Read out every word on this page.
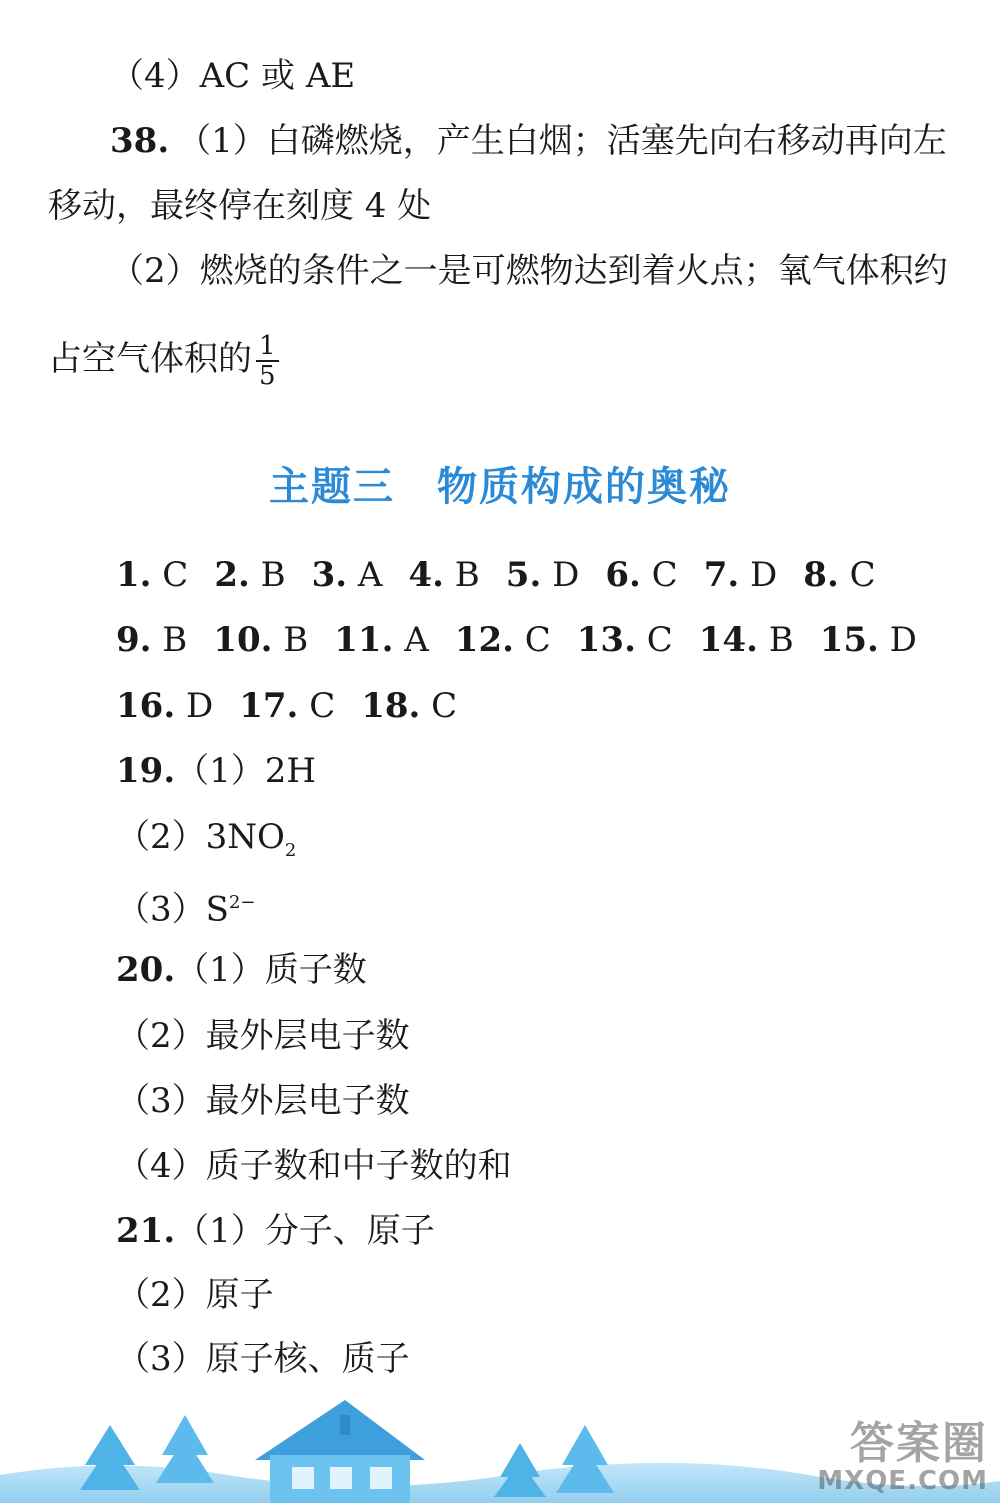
（4）AC 或 AE
38. （1）白磷燃烧，产生白烟；活塞先向右移动再向左
移动，最终停在刻度 4 处
（2）燃烧的条件之一是可燃物达到着火点；氧气体积约
占空气体积的 $\frac{1}{5}$
主题三　物质构成的奥秘
1. C 2. B 3. A 4. B 5. D 6. C 7. D 8. C
9. B 10. B 11. A 12. C 13. C 14. B 15. D
16. D 17. C 18. C
19.（1）2H
$(2)3NO_2$
$(3)S^{2-}$
20.（1）质子数
（2）最外层电子数
（3）最外层电子数
（4）质子数和中子数的和
21.（1）分子、原子
（2）原子
（3）原子核、质子
答案圈
MXQE.COM
